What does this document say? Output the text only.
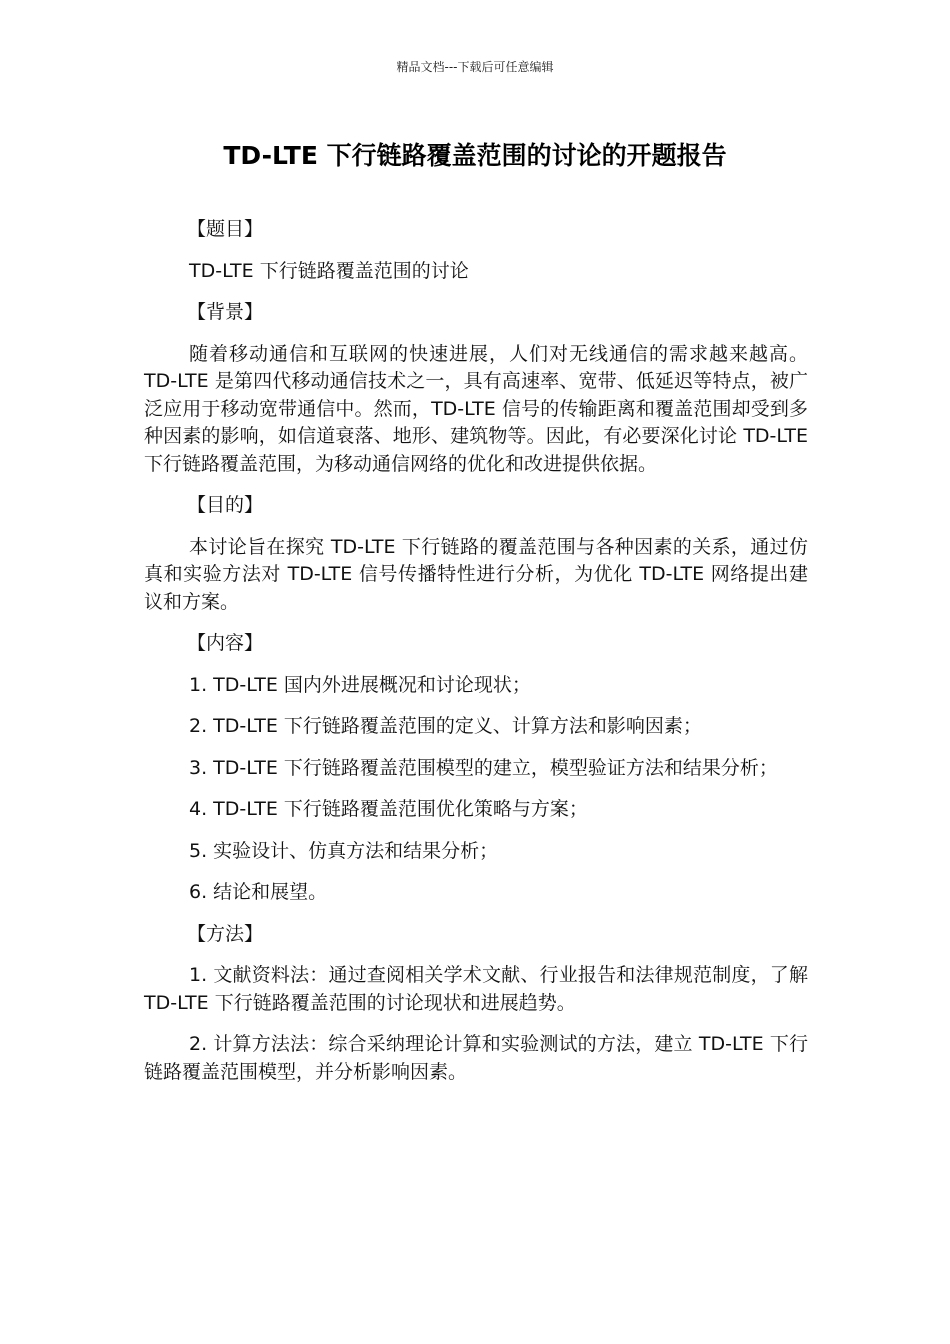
精品文档---下载后可任意编辑
TD-LTE 下行链路覆盖范围的讨论的开题报告

【题目】

TD-LTE 下行链路覆盖范围的讨论

【背景】

随着移动通信和互联网的快速进展，人们对无线通信的需求越来越高。TD-LTE 是第四代移动通信技术之一，具有高速率、宽带、低延迟等特点，被广泛应用于移动宽带通信中。然而，TD-LTE 信号的传输距离和覆盖范围却受到多种因素的影响，如信道衰落、地形、建筑物等。因此，有必要深化讨论 TD-LTE 下行链路覆盖范围，为移动通信网络的优化和改进提供依据。

【目的】

本讨论旨在探究 TD-LTE 下行链路的覆盖范围与各种因素的关系，通过仿真和实验方法对 TD-LTE 信号传播特性进行分析，为优化 TD-LTE 网络提出建议和方案。

【内容】

1. TD-LTE 国内外进展概况和讨论现状；

2. TD-LTE 下行链路覆盖范围的定义、计算方法和影响因素；

3. TD-LTE 下行链路覆盖范围模型的建立，模型验证方法和结果分析；

4. TD-LTE 下行链路覆盖范围优化策略与方案；

5. 实验设计、仿真方法和结果分析；

6. 结论和展望。

【方法】

1. 文献资料法：通过查阅相关学术文献、行业报告和法律规范制度，了解 TD-LTE 下行链路覆盖范围的讨论现状和进展趋势。

2. 计算方法法：综合采纳理论计算和实验测试的方法，建立 TD-LTE 下行链路覆盖范围模型，并分析影响因素。
